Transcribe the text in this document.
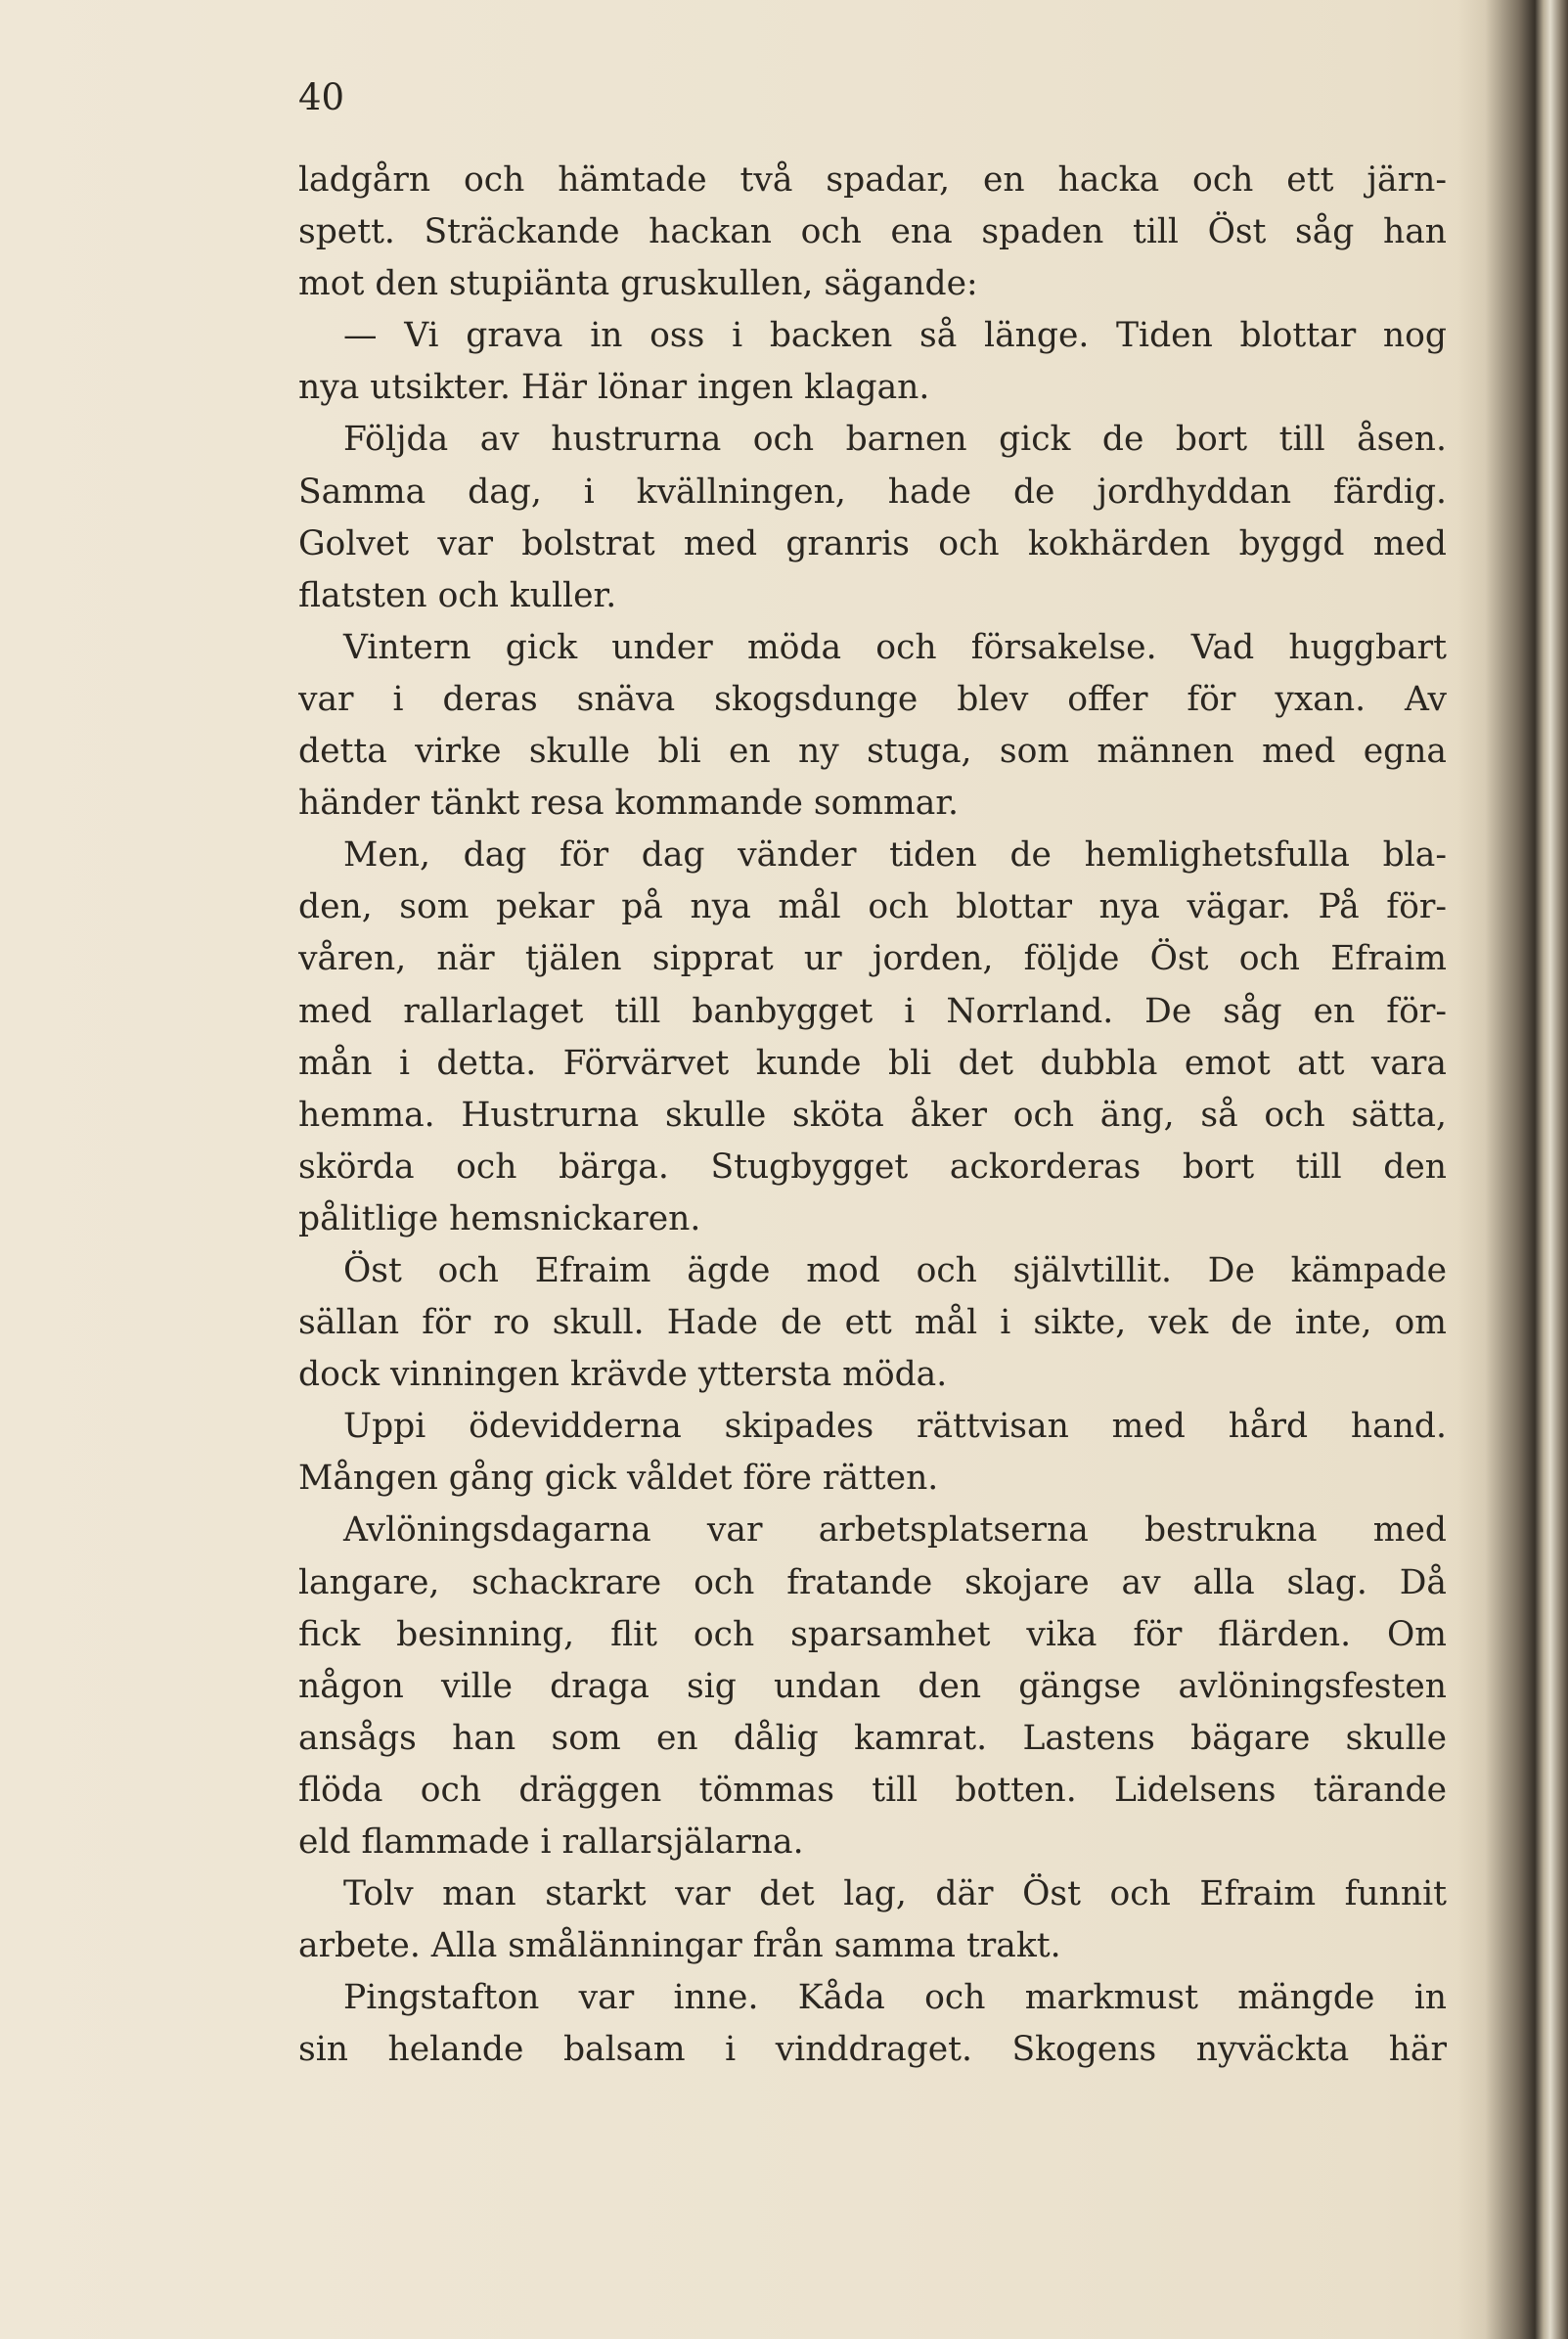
40
ladgårn och hämtade två spadar, en hacka och ett järn-
spett. Sträckande hackan och ena spaden till Öst såg han
mot den stupiänta gruskullen, sägande:
— Vi grava in oss i backen så länge. Tiden blottar nog
nya utsikter. Här lönar ingen klagan.
Följda av hustrurna och barnen gick de bort till åsen.
Samma dag, i kvällningen, hade de jordhyddan färdig.
Golvet var bolstrat med granris och kokhärden byggd med
flatsten och kuller.
Vintern gick under möda och försakelse. Vad huggbart
var i deras snäva skogsdunge blev offer för yxan. Av
detta virke skulle bli en ny stuga, som männen med egna
händer tänkt resa kommande sommar.
Men, dag för dag vänder tiden de hemlighetsfulla bla-
den, som pekar på nya mål och blottar nya vägar. På för-
våren, när tjälen sipprat ur jorden, följde Öst och Efraim
med rallarlaget till banbygget i Norrland. De såg en för-
mån i detta. Förvärvet kunde bli det dubbla emot att vara
hemma. Hustrurna skulle sköta åker och äng, så och sätta,
skörda och bärga. Stugbygget ackorderas bort till den
pålitlige hemsnickaren.
Öst och Efraim ägde mod och självtillit. De kämpade
sällan för ro skull. Hade de ett mål i sikte, vek de inte, om
dock vinningen krävde yttersta möda.
Uppi ödevidderna skipades rättvisan med hård hand.
Mången gång gick våldet före rätten.
Avlöningsdagarna var arbetsplatserna bestrukna med
langare, schackrare och fratande skojare av alla slag. Då
fick besinning, flit och sparsamhet vika för flärden. Om
någon ville draga sig undan den gängse avlöningsfesten
ansågs han som en dålig kamrat. Lastens bägare skulle
flöda och dräggen tömmas till botten. Lidelsens tärande
eld flammade i rallarsjälarna.
Tolv man starkt var det lag, där Öst och Efraim funnit
arbete. Alla smålänningar från samma trakt.
Pingstafton var inne. Kåda och markmust mängde in
sin helande balsam i vinddraget. Skogens nyväckta här
